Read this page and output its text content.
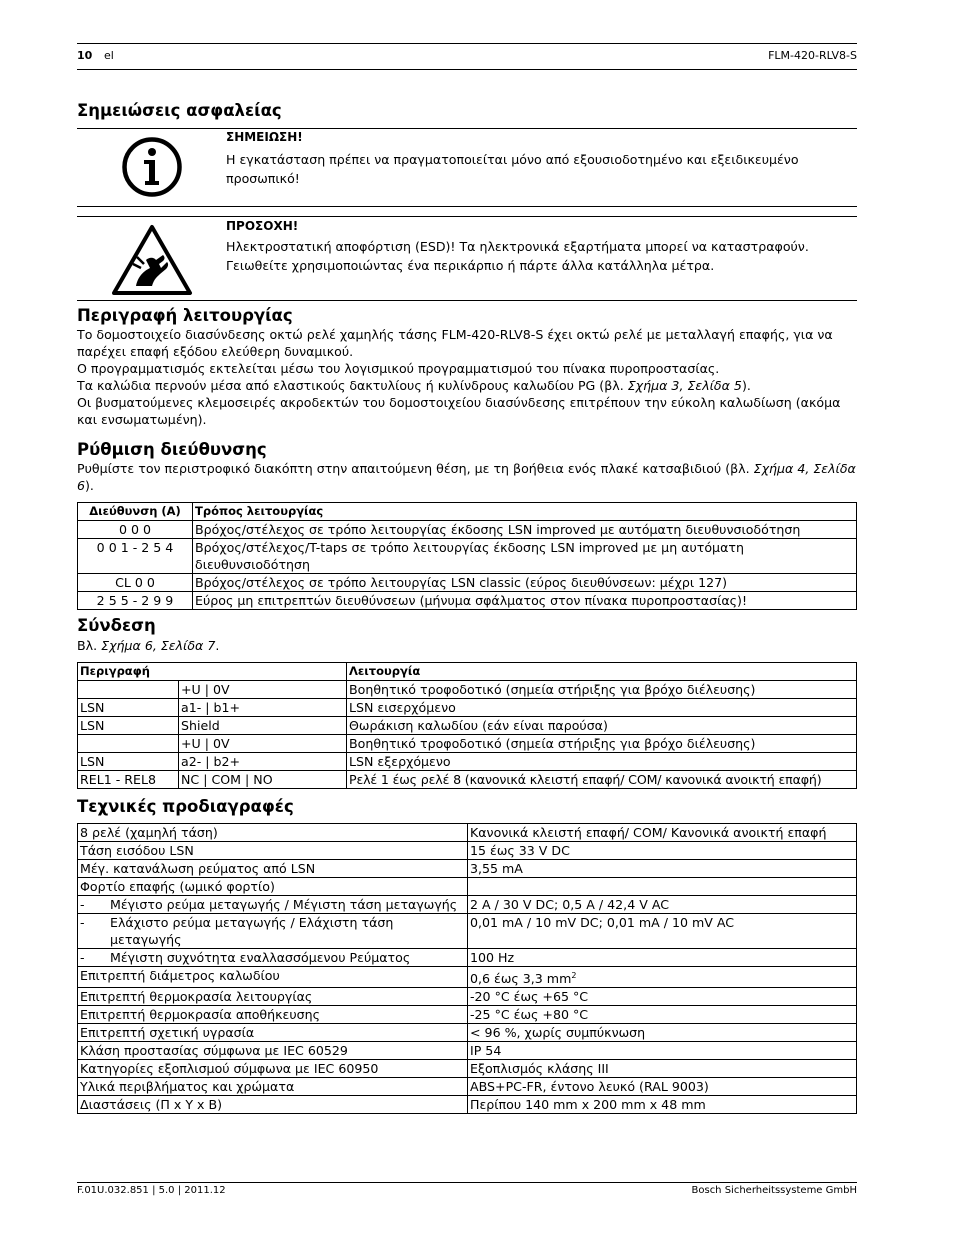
10 el	FLM-420-RLV8-S
Σημειώσεις ασφαλείας
ΣΗΜΕΙΩΣΗ!
Η εγκατάσταση πρέπει να πραγματοποιείται μόνο από εξουσιοδοτημένο και εξειδικευμένο προσωπικό!
ΠΡΟΣΟΧΗ!
Ηλεκτροστατική αποφόρτιση (ESD)! Τα ηλεκτρονικά εξαρτήματα μπορεί να καταστραφούν. Γειωθείτε χρησιμοποιώντας ένα περικάρπιο ή πάρτε άλλα κατάλληλα μέτρα.
Περιγραφή λειτουργίας
Το δομοστοιχείο διασύνδεσης οκτώ ρελέ χαμηλής τάσης FLM-420-RLV8-S έχει οκτώ ρελέ με μεταλλαγή επαφής, για να παρέχει επαφή εξόδου ελεύθερη δυναμικού.
Ο προγραμματισμός εκτελείται μέσω του λογισμικού προγραμματισμού του πίνακα πυροπροστασίας.
Τα καλώδια περνούν μέσα από ελαστικούς δακτυλίους ή κυλίνδρους καλωδίου PG (βλ. Σχήμα 3, Σελίδα 5).
Οι βυσματούμενες κλεμοσειρές ακροδεκτών του δομοστοιχείου διασύνδεσης επιτρέπουν την εύκολη καλωδίωση (ακόμα και ενσωματωμένη).
Ρύθμιση διεύθυνσης
Ρυθμίστε τον περιστροφικό διακόπτη στην απαιτούμενη θέση, με τη βοήθεια ενός πλακέ κατσαβιδιού (βλ. Σχήμα 4, Σελίδα 6).
Διεύθυνση (A)	Τρόπος λειτουργίας
0 0 0	Βρόχος/στέλεχος σε τρόπο λειτουργίας έκδοσης LSN improved με αυτόματη διευθυνσιοδότηση
0 0 1 - 2 5 4	Βρόχος/στέλεχος/T-taps σε τρόπο λειτουργίας έκδοσης LSN improved με μη αυτόματη διευθυνσιοδότηση
CL 0 0	Βρόχος/στέλεχος σε τρόπο λειτουργίας LSN classic (εύρος διευθύνσεων: μέχρι 127)
2 5 5 - 2 9 9	Εύρος μη επιτρεπτών διευθύνσεων (μήνυμα σφάλματος στον πίνακα πυροπροστασίας)!
Σύνδεση
Βλ. Σχήμα 6, Σελίδα 7.
Περιγραφή		Λειτουργία
	+U | 0V	Βοηθητικό τροφοδοτικό (σημεία στήριξης για βρόχο διέλευσης)
LSN	a1- | b1+	LSN εισερχόμενο
LSN	Shield	Θωράκιση καλωδίου (εάν είναι παρούσα)
	+U | 0V	Βοηθητικό τροφοδοτικό (σημεία στήριξης για βρόχο διέλευσης)
LSN	a2- | b2+	LSN εξερχόμενο
REL1 - REL8	NC | COM | NO	Ρελέ 1 έως ρελέ 8 (κανονικά κλειστή επαφή/ COM/ κανονικά ανοικτή επαφή)
Τεχνικές προδιαγραφές
8 ρελέ (χαμηλή τάση)	Κανονικά κλειστή επαφή/ COM/ Κανονικά ανοικτή επαφή
Τάση εισόδου LSN	15 έως 33 V DC
Μέγ. κατανάλωση ρεύματος από LSN	3,55 mA
Φορτίο επαφής (ωμικό φορτίο)	

- Μέγιστο ρεύμα μεταγωγής / Μέγιστη τάση μεταγωγής	2 A / 30 V DC; 0,5 A / 42,4 V AC

- Ελάχιστο ρεύμα μεταγωγής / Ελάχιστη τάση μεταγωγής	0,01 mA / 10 mV DC; 0,01 mA / 10 mV AC

- Μέγιστη συχνότητα εναλλασσόμενου Ρεύματος	100 Hz
Επιτρεπτή διάμετρος καλωδίου	0,6 έως 3,3 $mm^2$
Επιτρεπτή θερμοκρασία λειτουργίας	-20 °C έως +65 °C
Επιτρεπτή θερμοκρασία αποθήκευσης	-25 °C έως +80 °C
Επιτρεπτή σχετική υγρασία	< 96 %, χωρίς συμπύκνωση
Κλάση προστασίας σύμφωνα με IEC 60529	IP 54
Κατηγορίες εξοπλισμού σύμφωνα με IEC 60950	Εξοπλισμός κλάσης III
Υλικά περιβλήματος και χρώματα	ABS+PC-FR, έντονο λευκό (RAL 9003)
Διαστάσεις (Π x Υ x Β)	Περίπου 140 mm x 200 mm x 48 mm
F.01U.032.851 | 5.0 | 2011.12	Bosch Sicherheitssysteme GmbH
